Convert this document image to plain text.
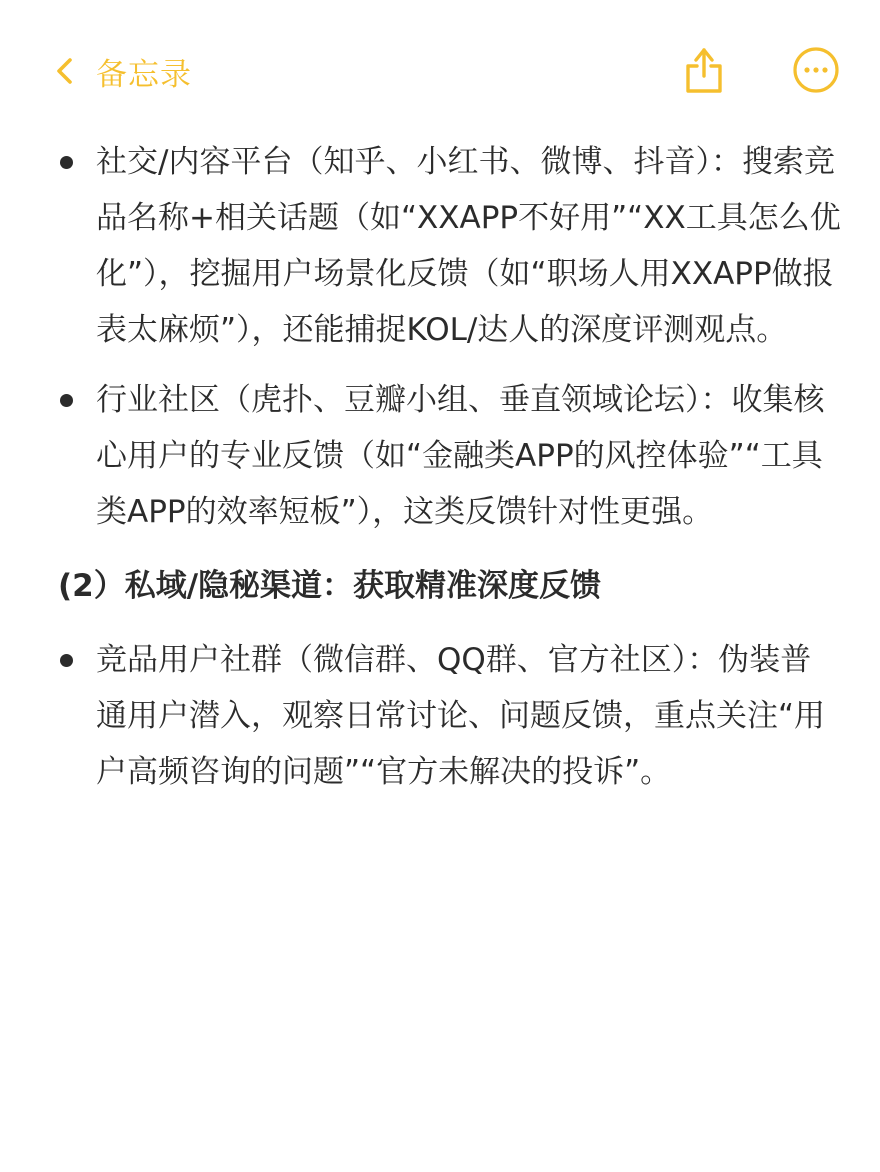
备忘录
社交/内容平台（知乎、小红书、微博、抖音）：搜索竞品名称+相关话题（如“XXAPP不好用”“XX工具怎么优化”），挖掘用户场景化反馈（如“职场人用XXAPP做报表太麻烦”），还能捕捉KOL/达人的深度评测观点。
行业社区（虎扑、豆瓣小组、垂直领域论坛）：收集核心用户的专业反馈（如“金融类APP的风控体验”“工具类APP的效率短板”），这类反馈针对性更强。
(2）私域/隐秘渠道：获取精准深度反馈
竞品用户社群（微信群、QQ群、官方社区）：伪装普通用户潜入，观察日常讨论、问题反馈，重点关注“用户高频咨询的问题”“官方未解决的投诉”。
